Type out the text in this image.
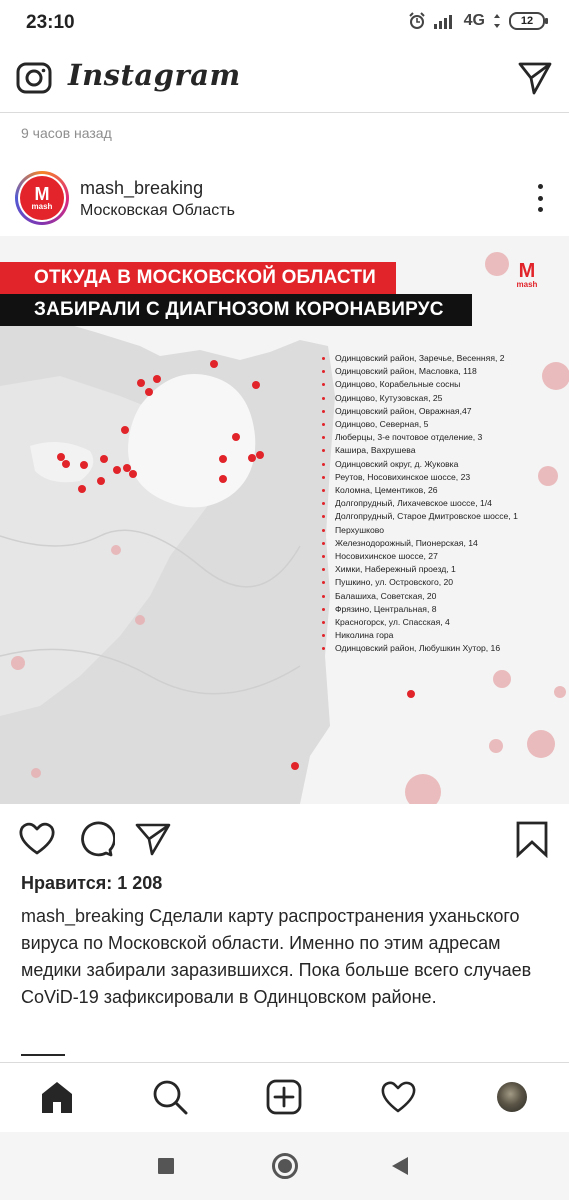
23:10	4G	12
Instagram
9 часов назад
M
mash
mash_breaking
Московская Область
ОТКУДА В МОСКОВСКОЙ ОБЛАСТИ
ЗАБИРАЛИ С ДИАГНОЗОМ КОРОНАВИРУС
M
mash
Одинцовский район, Заречье, Весенняя, 2
Одинцовский район, Масловка, 118
Одинцово, Корабельные сосны
Одинцово, Кутузовская, 25
Одинцовский район, Овражная,47
Одинцово, Северная, 5
Люберцы, 3-е почтовое отделение, 3
Кашира, Вахрушева
Одинцовский округ, д. Жуковка
Реутов, Носовихинское шоссе, 23
Коломна, Цементиков, 26
Долгопрудный, Лихачевское шоссе, 1/4
Долгопрудный, Старое Дмитровское шоссе, 1
Перхушково
Железнодорожный, Пионерская, 14
Носовихинское шоссе, 27
Химки, Набережный проезд, 1
Пушкино, ул. Островского, 20
Балашиха, Советская, 20
Фрязино, Центральная, 8
Красногорск, ул. Спасская, 4
Николина гора
Одинцовский район, Любушкин Хутор, 16
Нравится: 1 208
mash_breaking Сделали карту распространения уханьского вируса по Московской области. Именно по этим адресам медики забирали заразившихся. Пока больше всего случаев CoViD-19 зафиксировали в Одинцовском районе.
